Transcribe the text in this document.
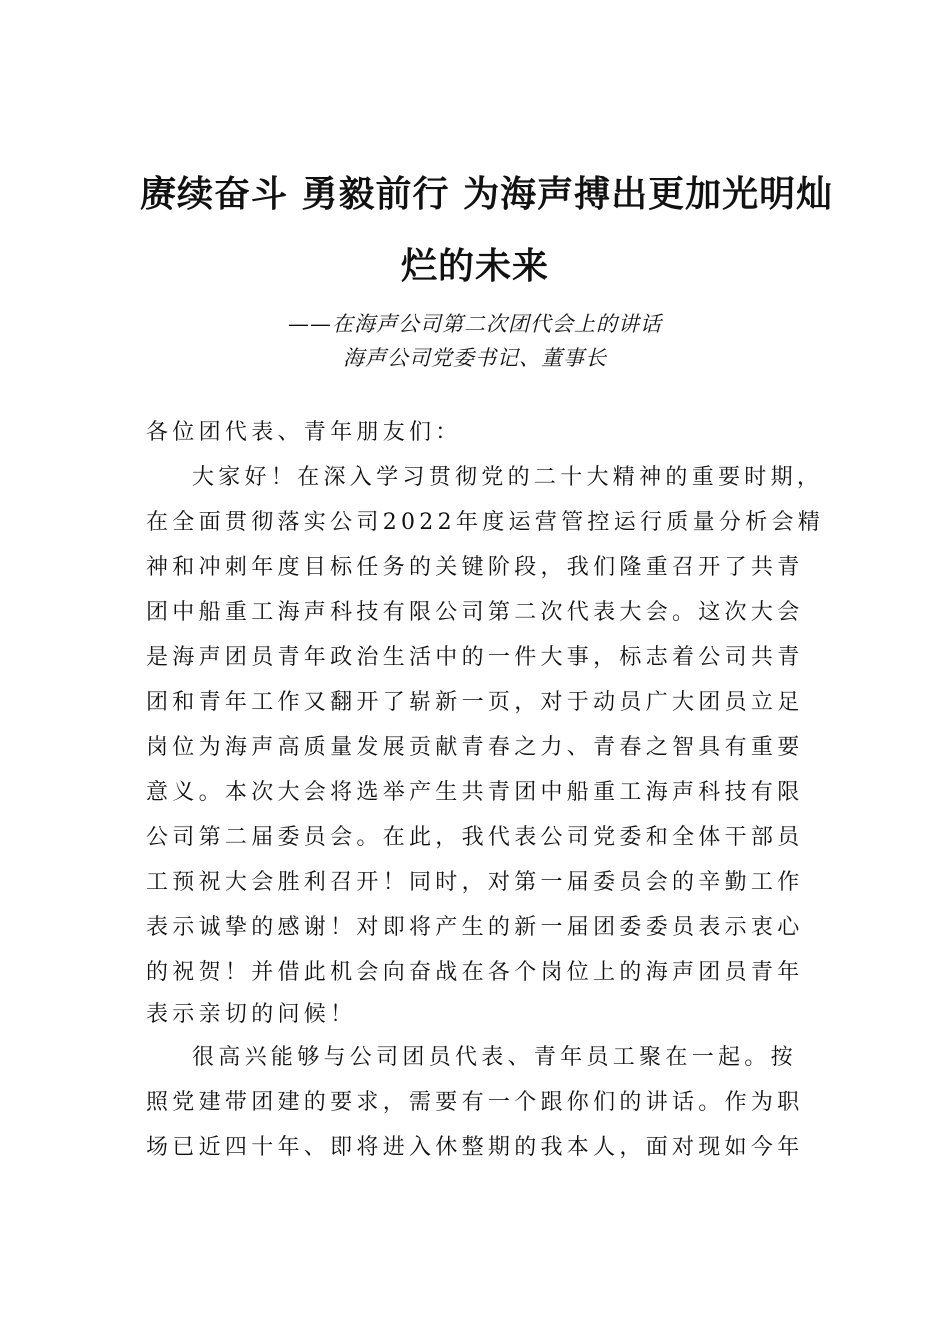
赓续奋斗 勇毅前行 为海声搏出更加光明灿
烂的未来
——在海声公司第二次团代会上的讲话
海声公司党委书记、董事长
各位团代表、青年朋友们：
大家好！在深入学习贯彻党的二十大精神的重要时期，
在全面贯彻落实公司2022年度运营管控运行质量分析会精
神和冲刺年度目标任务的关键阶段，我们隆重召开了共青
团中船重工海声科技有限公司第二次代表大会。这次大会
是海声团员青年政治生活中的一件大事，标志着公司共青
团和青年工作又翻开了崭新一页，对于动员广大团员立足
岗位为海声高质量发展贡献青春之力、青春之智具有重要
意义。本次大会将选举产生共青团中船重工海声科技有限
公司第二届委员会。在此，我代表公司党委和全体干部员
工预祝大会胜利召开！同时，对第一届委员会的辛勤工作
表示诚挚的感谢！对即将产生的新一届团委委员表示衷心
的祝贺！并借此机会向奋战在各个岗位上的海声团员青年
表示亲切的问候！
很高兴能够与公司团员代表、青年员工聚在一起。按
照党建带团建的要求，需要有一个跟你们的讲话。作为职
场已近四十年、即将进入休整期的我本人，面对现如今年
